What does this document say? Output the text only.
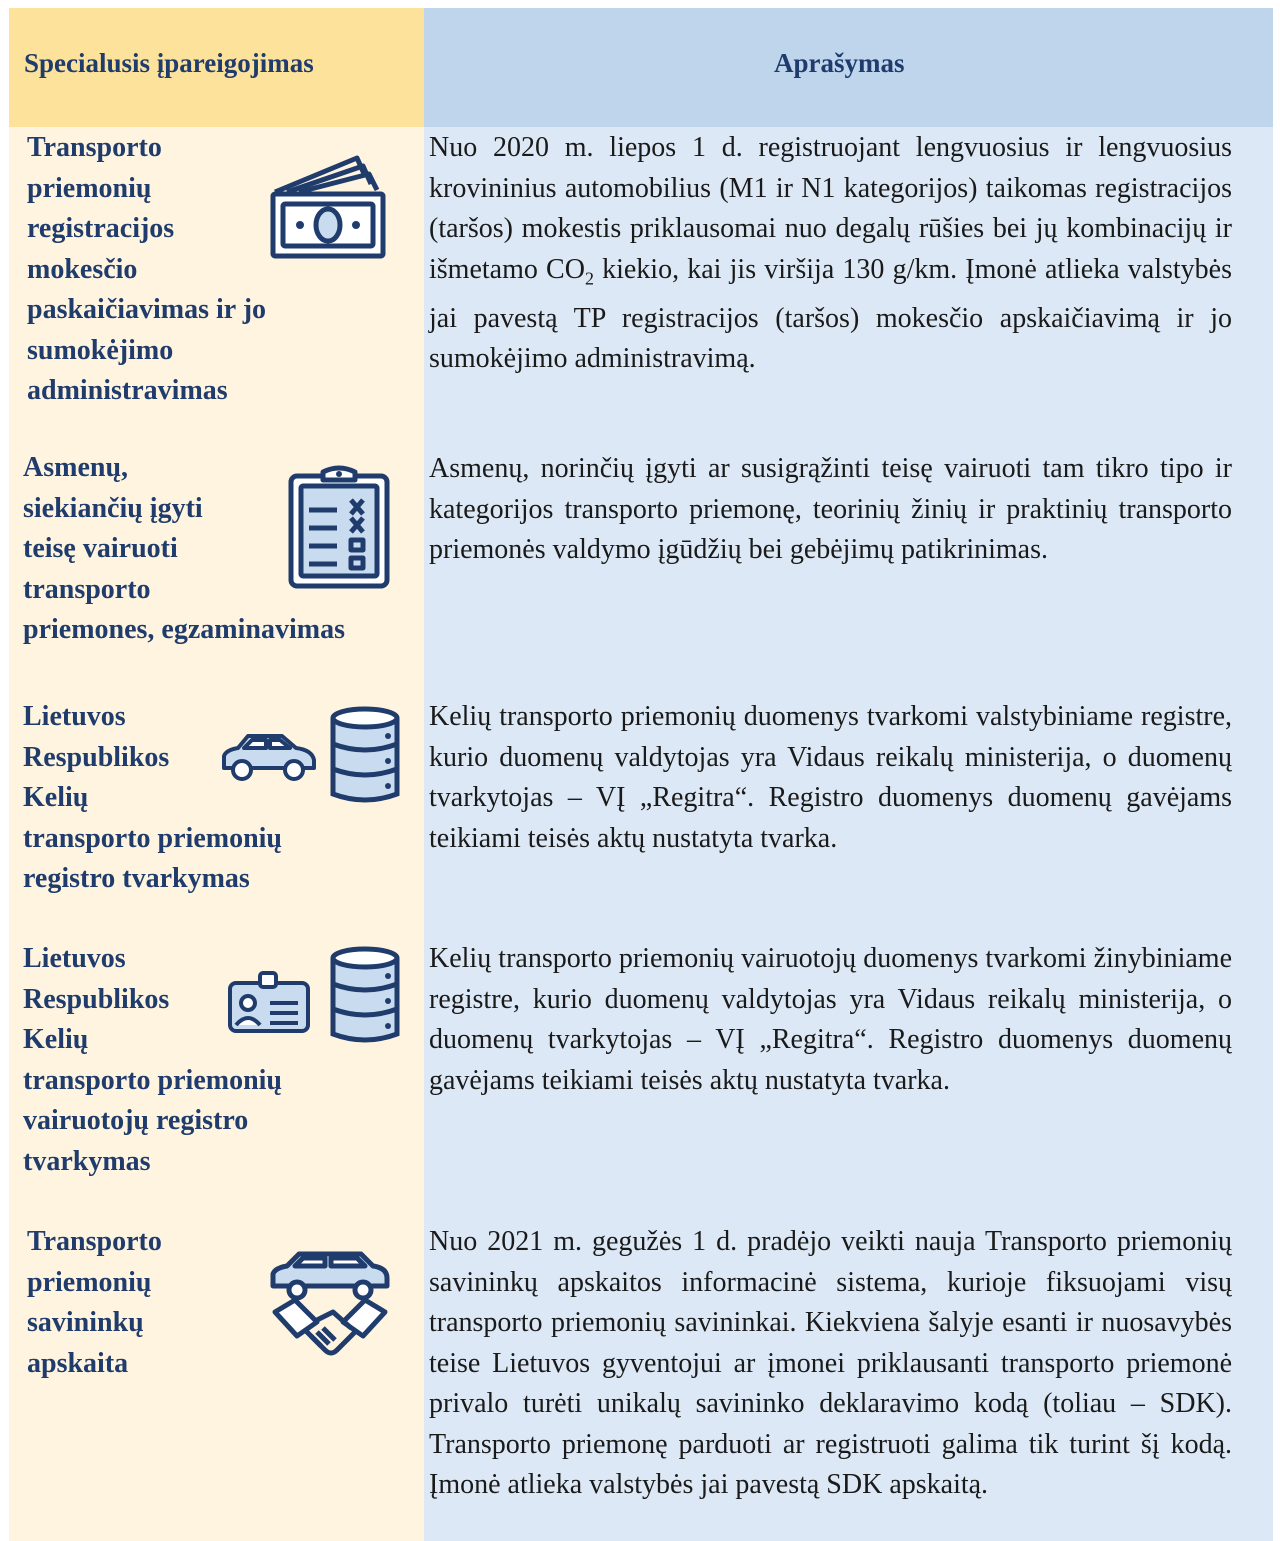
Specialusis įpareigojimas	Aprašymas
Transporto
priemonių
registracijos
mokesčio
paskaičiavimas ir jo
sumokėjimo
administravimas
Nuo 2020 m. liepos 1 d. registruojant lengvuosius ir lengvuosius krovininius automobilius (M1 ir N1 kategorijos) taikomas registracijos (taršos) mokestis priklausomai nuo degalų rūšies bei jų kombinacijų ir išmetamo $CO_2$ kiekio, kai jis viršija 130 g/km. Įmonė atlieka valstybės jai pavestą TP registracijos (taršos) mokesčio apskaičiavimą ir jo sumokėjimo administravimą.
Asmenų,
siekiančių įgyti
teisę vairuoti
transporto
priemones, egzaminavimas
Asmenų, norinčių įgyti ar susigrąžinti teisę vairuoti tam tikro tipo ir kategorijos transporto priemonę, teorinių žinių ir praktinių transporto priemonės valdymo įgūdžių bei gebėjimų patikrinimas.
Lietuvos
Respublikos
Kelių
transporto priemonių
registro tvarkymas
Kelių transporto priemonių duomenys tvarkomi valstybiniame registre, kurio duomenų valdytojas yra Vidaus reikalų ministerija, o duomenų tvarkytojas – VĮ „Regitra“. Registro duomenys duomenų gavėjams teikiami teisės aktų nustatyta tvarka.
Lietuvos
Respublikos
Kelių
transporto priemonių
vairuotojų registro
tvarkymas
Kelių transporto priemonių vairuotojų duomenys tvarkomi žinybiniame registre, kurio duomenų valdytojas yra Vidaus reikalų ministerija, o duomenų tvarkytojas – VĮ „Regitra“. Registro duomenys duomenų gavėjams teikiami teisės aktų nustatyta tvarka.
Transporto
priemonių
savininkų
apskaita
Nuo 2021 m. gegužės 1 d. pradėjo veikti nauja Transporto priemonių savininkų apskaitos informacinė sistema, kurioje fiksuojami visų transporto priemonių savininkai. Kiekviena šalyje esanti ir nuosavybės teise Lietuvos gyventojui ar įmonei priklausanti transporto priemonė privalo turėti unikalų savininko deklaravimo kodą (toliau – SDK). Transporto priemonę parduoti ar registruoti galima tik turint šį kodą. Įmonė atlieka valstybės jai pavestą SDK apskaitą.
